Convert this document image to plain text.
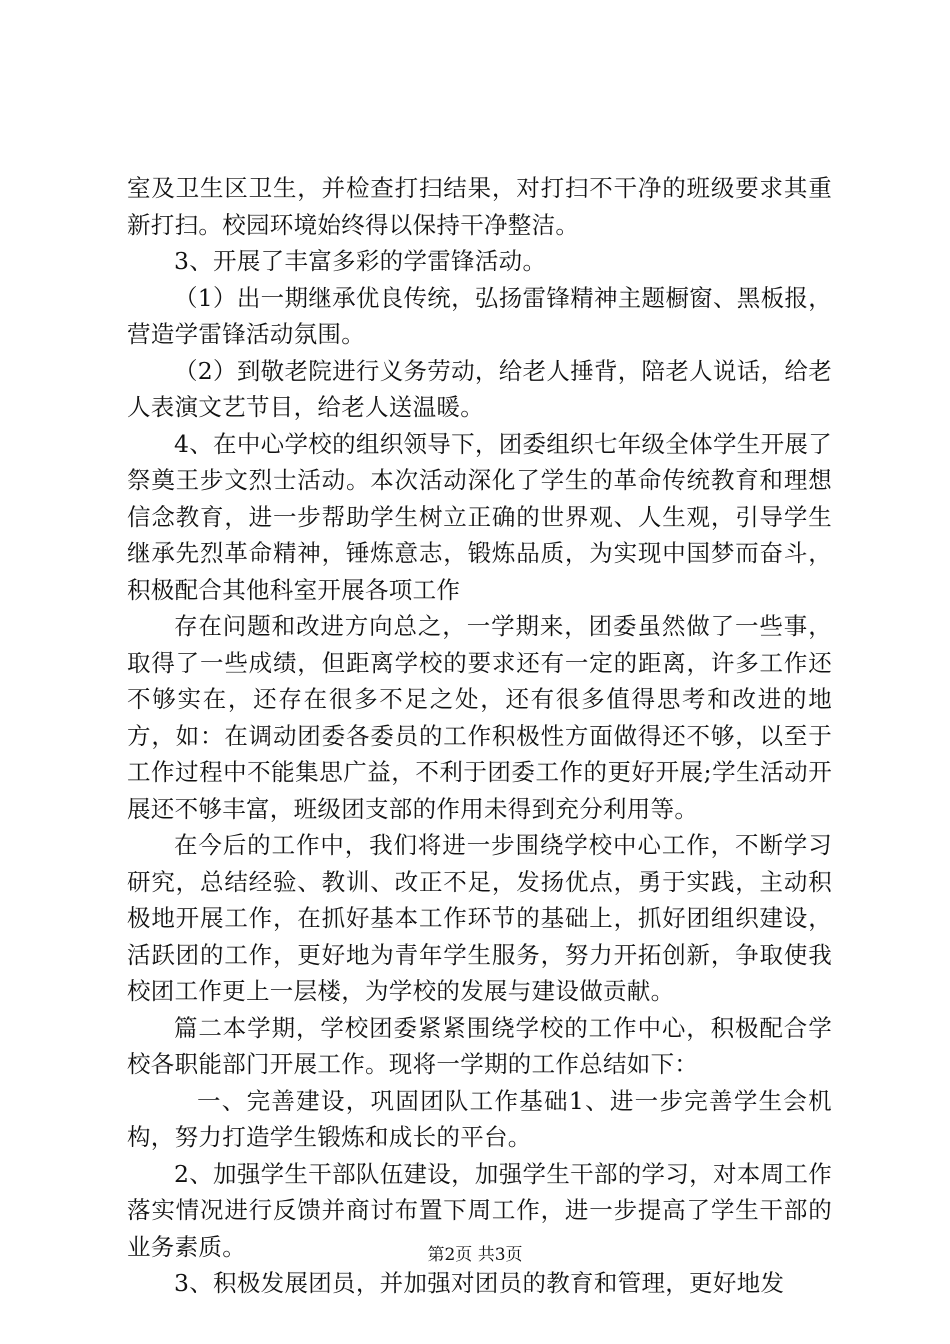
室及卫生区卫生，并检查打扫结果，对打扫不干净的班级要求其重新打扫。校园环境始终得以保持干净整洁。

3、开展了丰富多彩的学雷锋活动。

（1）出一期继承优良传统，弘扬雷锋精神主题橱窗、黑板报，营造学雷锋活动氛围。

（2）到敬老院进行义务劳动，给老人捶背，陪老人说话，给老人表演文艺节目，给老人送温暖。

4、在中心学校的组织领导下，团委组织七年级全体学生开展了祭奠王步文烈士活动。本次活动深化了学生的革命传统教育和理想信念教育，进一步帮助学生树立正确的世界观、人生观，引导学生继承先烈革命精神，锤炼意志，锻炼品质，为实现中国梦而奋斗，积极配合其他科室开展各项工作

存在问题和改进方向总之，一学期来，团委虽然做了一些事，取得了一些成绩，但距离学校的要求还有一定的距离，许多工作还不够实在，还存在很多不足之处，还有很多值得思考和改进的地方，如：在调动团委各委员的工作积极性方面做得还不够，以至于工作过程中不能集思广益，不利于团委工作的更好开展;学生活动开展还不够丰富，班级团支部的作用未得到充分利用等。

在今后的工作中，我们将进一步围绕学校中心工作，不断学习研究，总结经验、教训、改正不足，发扬优点，勇于实践，主动积极地开展工作，在抓好基本工作环节的基础上，抓好团组织建设，活跃团的工作，更好地为青年学生服务，努力开拓创新，争取使我校团工作更上一层楼，为学校的发展与建设做贡献。

篇二本学期，学校团委紧紧围绕学校的工作中心，积极配合学校各职能部门开展工作。现将一学期的工作总结如下：

一、完善建设，巩固团队工作基础1、进一步完善学生会机构，努力打造学生锻炼和成长的平台。

2、加强学生干部队伍建设，加强学生干部的学习，对本周工作落实情况进行反馈并商讨布置下周工作，进一步提高了学生干部的业务素质。

3、积极发展团员，并加强对团员的教育和管理，更好地发

第2页 共3页
